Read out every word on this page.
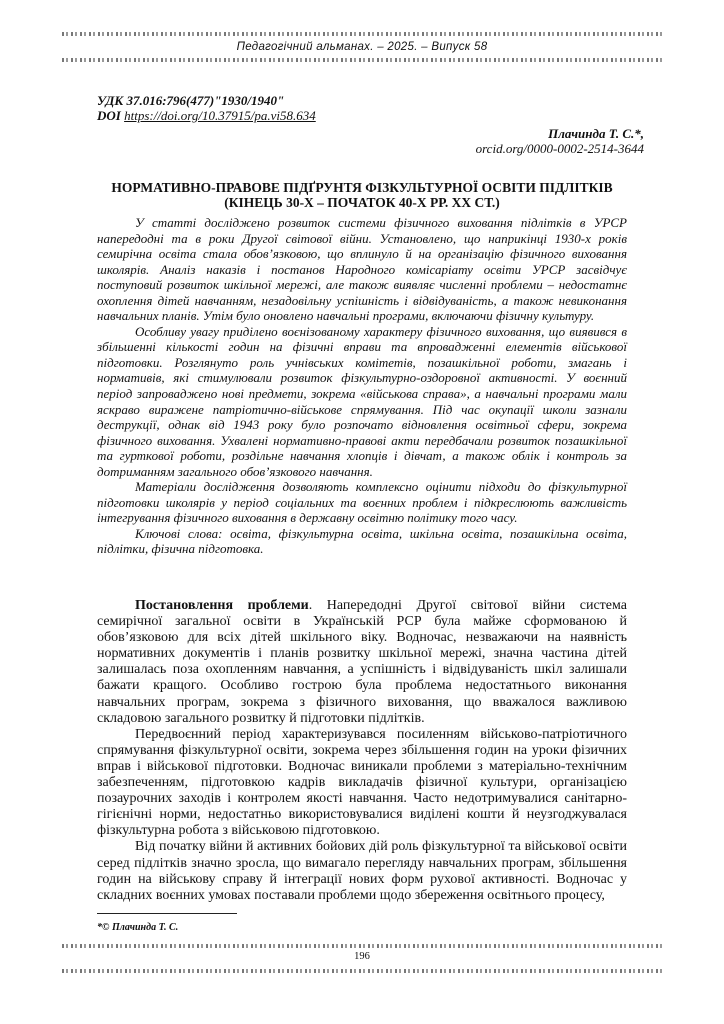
Педагогічний альманах. – 2025. – Випуск 58
УДК 37.016:796(477)"1930/1940"
DOI https://doi.org/10.37915/pa.vi58.634
Плачинда Т. С.*,
orcid.org/0000-0002-2514-3644
НОРМАТИВНО-ПРАВОВЕ ПІДҐРУНТЯ ФІЗКУЛЬТУРНОЇ ОСВІТИ ПІДЛІТКІВ
(КІНЕЦЬ 30-Х – ПОЧАТОК 40-Х РР. ХХ СТ.)

У статті досліджено розвиток системи фізичного виховання підлітків в УРСР напередодні та в роки Другої світової війни. Установлено, що наприкінці 1930-х років семирічна освіта стала обов’язковою, що вплинуло й на організацію фізичного виховання школярів. Аналіз наказів і постанов Народного комісаріату освіти УРСР засвідчує поступовий розвиток шкільної мережі, але також виявляє численні проблеми – недостатнє охоплення дітей навчанням, незадовільну успішність і відвідуваність, а також невиконання навчальних планів. Утім було оновлено навчальні програми, включаючи фізичну культуру.

Особливу увагу приділено воєнізованому характеру фізичного виховання, що виявився в збільшенні кількості годин на фізичні вправи та впровадженні елементів військової підготовки. Розглянуто роль учнівських комітетів, позашкільної роботи, змагань і нормативів, які стимулювали розвиток фізкультурно-оздоровної активності. У воєнний період запроваджено нові предмети, зокрема «військова справа», а навчальні програми мали яскраво виражене патріотично-військове спрямування. Під час окупації школи зазнали деструкції, однак від 1943 року було розпочато відновлення освітньої сфери, зокрема фізичного виховання. Ухвалені нормативно-правові акти передбачали розвиток позашкільної та гурткової роботи, роздільне навчання хлопців і дівчат, а також облік і контроль за дотриманням загального обов’язкового навчання.

Матеріали дослідження дозволяють комплексно оцінити підходи до фізкультурної підготовки школярів у період соціальних та воєнних проблем і підкреслюють важливість інтегрування фізичного виховання в державну освітню політику того часу.

Ключові слова: освіта, фізкультурна освіта, шкільна освіта, позашкільна освіта, підлітки, фізична підготовка.

Постановлення проблеми. Напередодні Другої світової війни система семирічної загальної освіти в Українській РСР була майже сформованою й обов’язковою для всіх дітей шкільного віку. Водночас, незважаючи на наявність нормативних документів і планів розвитку шкільної мережі, значна частина дітей залишалась поза охопленням навчання, а успішність і відвідуваність шкіл залишали бажати кращого. Особливо гострою була проблема недостатнього виконання навчальних програм, зокрема з фізичного виховання, що вважалося важливою складовою загального розвитку й підготовки підлітків.

Передвоєнний період характеризувався посиленням військово-патріотичного спрямування фізкультурної освіти, зокрема через збільшення годин на уроки фізичних вправ і військової підготовки. Водночас виникали проблеми з матеріально-технічним забезпеченням, підготовкою кадрів викладачів фізичної культури, організацією позаурочних заходів і контролем якості навчання. Часто недотримувалися санітарно-гігієнічні норми, недостатньо використовувалися виділені кошти й неузгоджувалася фізкультурна робота з військовою підготовкою.

Від початку війни й активних бойових дій роль фізкультурної та військової освіти серед підлітків значно зросла, що вимагало перегляду навчальних програм, збільшення годин на військову справу й інтеграції нових форм рухової активності. Водночас у складних воєнних умовах поставали проблеми щодо збереження освітнього процесу,

*© Плачинда Т. С.
196
